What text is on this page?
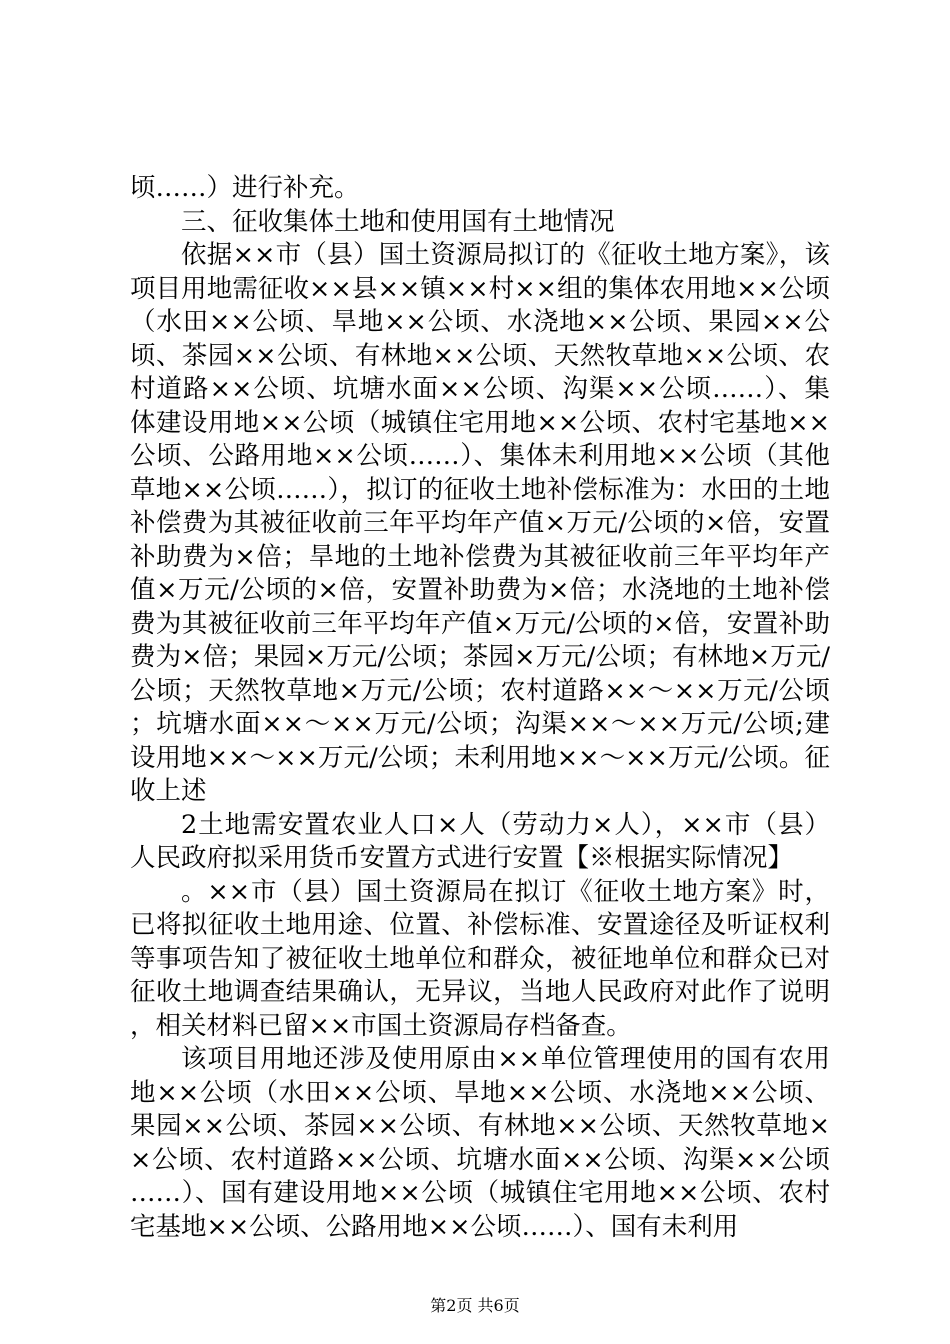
顷……）进行补充。

三、征收集体土地和使用国有土地情况

依据××市（县）国土资源局拟订的《征收土地方案》，该项目用地需征收××县××镇××村××组的集体农用地××公顷（水田××公顷、旱地××公顷、水浇地××公顷、果园××公顷、茶园××公顷、有林地××公顷、天然牧草地××公顷、农村道路××公顷、坑塘水面××公顷、沟渠××公顷……）、集体建设用地××公顷（城镇住宅用地××公顷、农村宅基地××公顷、公路用地××公顷……）、集体未利用地××公顷（其他草地××公顷……），拟订的征收土地补偿标准为：水田的土地补偿费为其被征收前三年平均年产值×万元/公顷的×倍，安置补助费为×倍；旱地的土地补偿费为其被征收前三年平均年产值×万元/公顷的×倍，安置补助费为×倍；水浇地的土地补偿费为其被征收前三年平均年产值×万元/公顷的×倍，安置补助费为×倍；果园×万元/公顷；茶园×万元/公顷；有林地×万元/公顷；天然牧草地×万元/公顷；农村道路××～××万元/公顷；坑塘水面××～××万元/公顷；沟渠××～××万元/公顷;建设用地××～××万元/公顷；未利用地××～××万元/公顷。征收上述

2土地需安置农业人口×人（劳动力×人），××市（县）人民政府拟采用货币安置方式进行安置【※根据实际情况】

。××市（县）国土资源局在拟订《征收土地方案》时，已将拟征收土地用途、位置、补偿标准、安置途径及听证权利等事项告知了被征收土地单位和群众，被征地单位和群众已对征收土地调查结果确认，无异议，当地人民政府对此作了说明，相关材料已留××市国土资源局存档备查。

该项目用地还涉及使用原由××单位管理使用的国有农用地××公顷（水田××公顷、旱地××公顷、水浇地××公顷、果园××公顷、茶园××公顷、有林地××公顷、天然牧草地××公顷、农村道路××公顷、坑塘水面××公顷、沟渠××公顷……）、国有建设用地××公顷（城镇住宅用地××公顷、农村宅基地××公顷、公路用地××公顷……）、国有未利用

第2页 共6页
